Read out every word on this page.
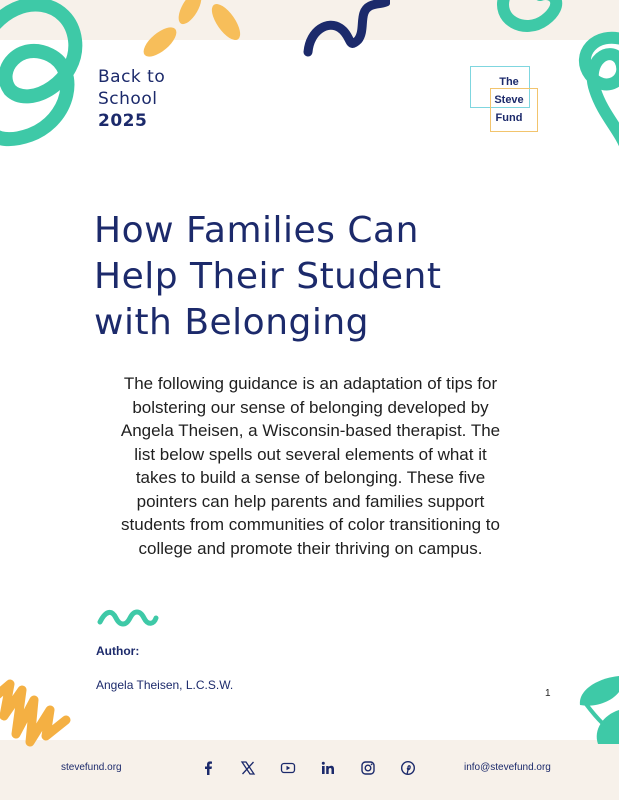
Back to
School
2025
The
Steve
Fund
How Families Can
Help Their Student
with Belonging

The following guidance is an adaptation of tips for bolstering our sense of belonging developed by Angela Theisen, a Wisconsin-based therapist. The list below spells out several elements of what it takes to build a sense of belonging. These five pointers can help parents and families support students from communities of color transitioning to college and promote their thriving on campus.

Author:
Angela Theisen, L.C.S.W.
1
stevefund.org	info@stevefund.org
